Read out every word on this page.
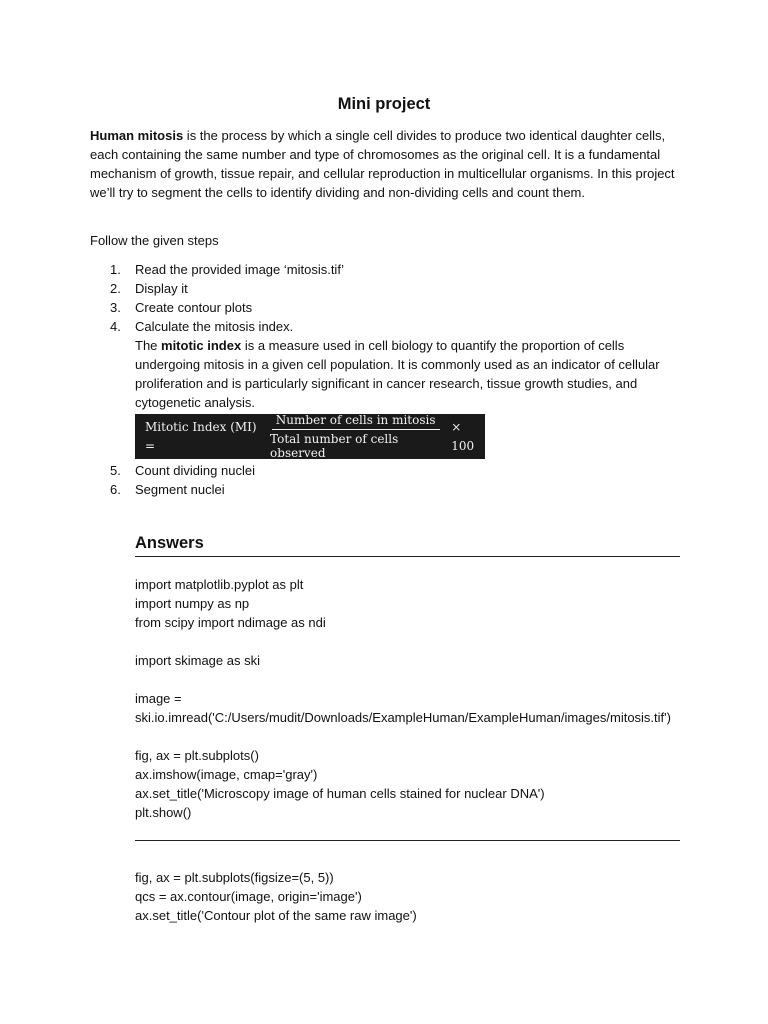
Mini project
Human mitosis is the process by which a single cell divides to produce two identical daughter cells, each containing the same number and type of chromosomes as the original cell. It is a fundamental mechanism of growth, tissue repair, and cellular reproduction in multicellular organisms. In this project we’ll try to segment the cells to identify dividing and non-dividing cells and count them.
Follow the given steps
1.	Read the provided image ‘mitosis.tif’
2.	Display it
3.	Create contour plots
4.	Calculate the mitosis index.
The mitotic index is a measure used in cell biology to quantify the proportion of cells undergoing mitosis in a given cell population. It is commonly used as an indicator of cellular proliferation and is particularly significant in cancer research, tissue growth studies, and cytogenetic analysis.
Mitotic Index (MI) =	$\frac{\text{Number of cells in mitosis}}{\text{Total number of cells observed}} \times 100$
5.	Count dividing nuclei
6.	Segment nuclei
Answers
import matplotlib.pyplot as plt
import numpy as np
from scipy import ndimage as ndi

import skimage as ski

image =
ski.io.imread('C:/Users/mudit/Downloads/ExampleHuman/ExampleHuman/images/mitosis.tif')

fig, ax = plt.subplots()
ax.imshow(image, cmap='gray')
ax.set_title('Microscopy image of human cells stained for nuclear DNA')
plt.show()
fig, ax = plt.subplots(figsize=(5, 5))
qcs = ax.contour(image, origin='image')
ax.set_title('Contour plot of the same raw image')
